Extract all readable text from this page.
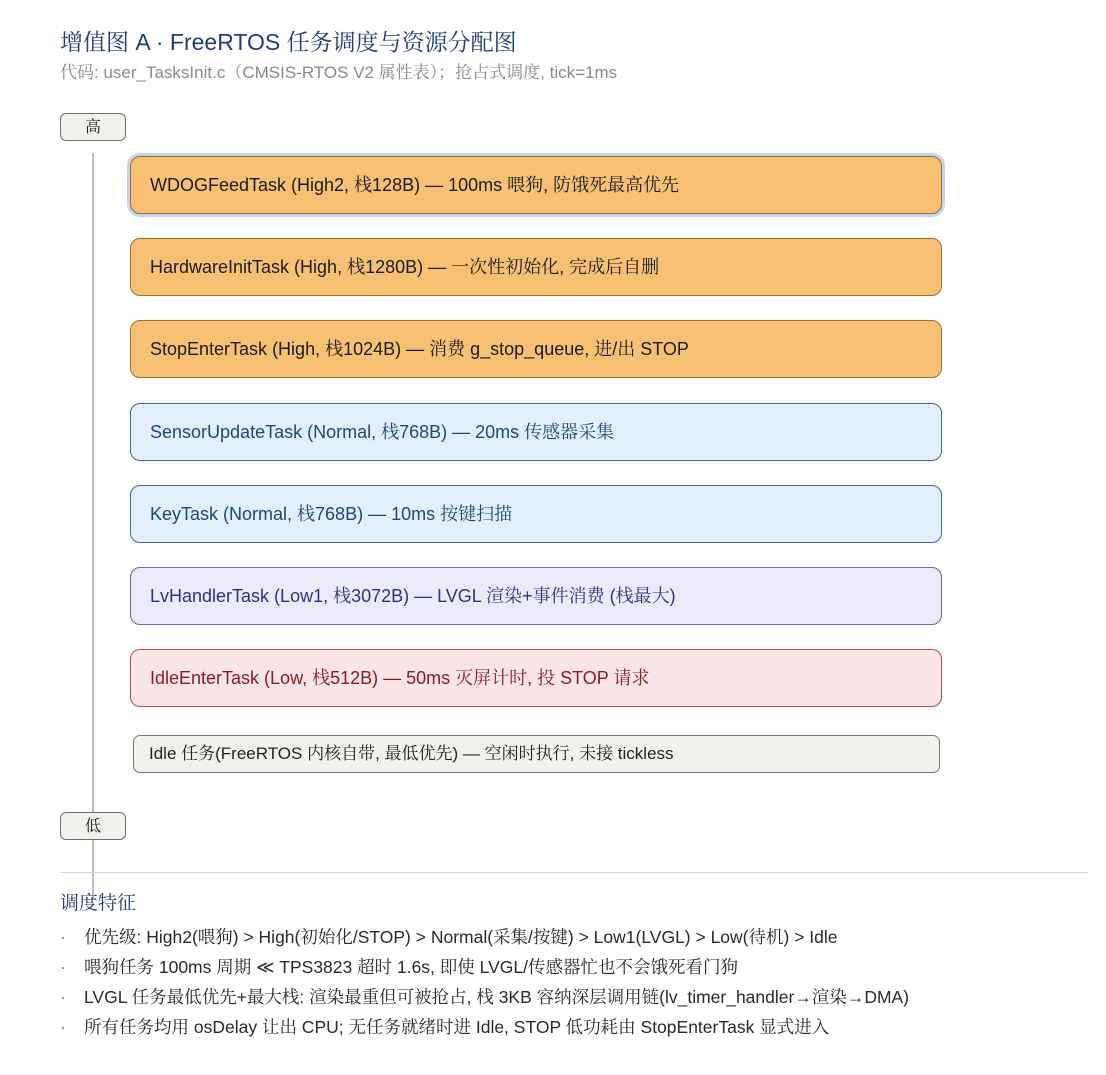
增值图 A · FreeRTOS 任务调度与资源分配图
代码: user_TasksInit.c（CMSIS-RTOS V2 属性表）；抢占式调度, tick=1ms
高
低
WDOGFeedTask (High2, 栈128B) — 100ms 喂狗, 防饿死最高优先
HardwareInitTask (High, 栈1280B) — 一次性初始化, 完成后自删
StopEnterTask (High, 栈1024B) — 消费 g_stop_queue, 进/出 STOP
SensorUpdateTask (Normal, 栈768B) — 20ms 传感器采集
KeyTask (Normal, 栈768B) — 10ms 按键扫描
LvHandlerTask (Low1, 栈3072B) — LVGL 渲染+事件消费 (栈最大)
IdleEnterTask (Low, 栈512B) — 50ms 灭屏计时, 投 STOP 请求
Idle 任务(FreeRTOS 内核自带, 最低优先) — 空闲时执行, 未接 tickless
调度特征
· 优先级: High2(喂狗) > High(初始化/STOP) > Normal(采集/按键) > Low1(LVGL) > Low(待机) > Idle
· 喂狗任务 100ms 周期 ≪ TPS3823 超时 1.6s, 即使 LVGL/传感器忙也不会饿死看门狗
· LVGL 任务最低优先+最大栈: 渲染最重但可被抢占, 栈 3KB 容纳深层调用链(lv_timer_handler→渲染→DMA)
· 所有任务均用 osDelay 让出 CPU; 无任务就绪时进 Idle, STOP 低功耗由 StopEnterTask 显式进入
